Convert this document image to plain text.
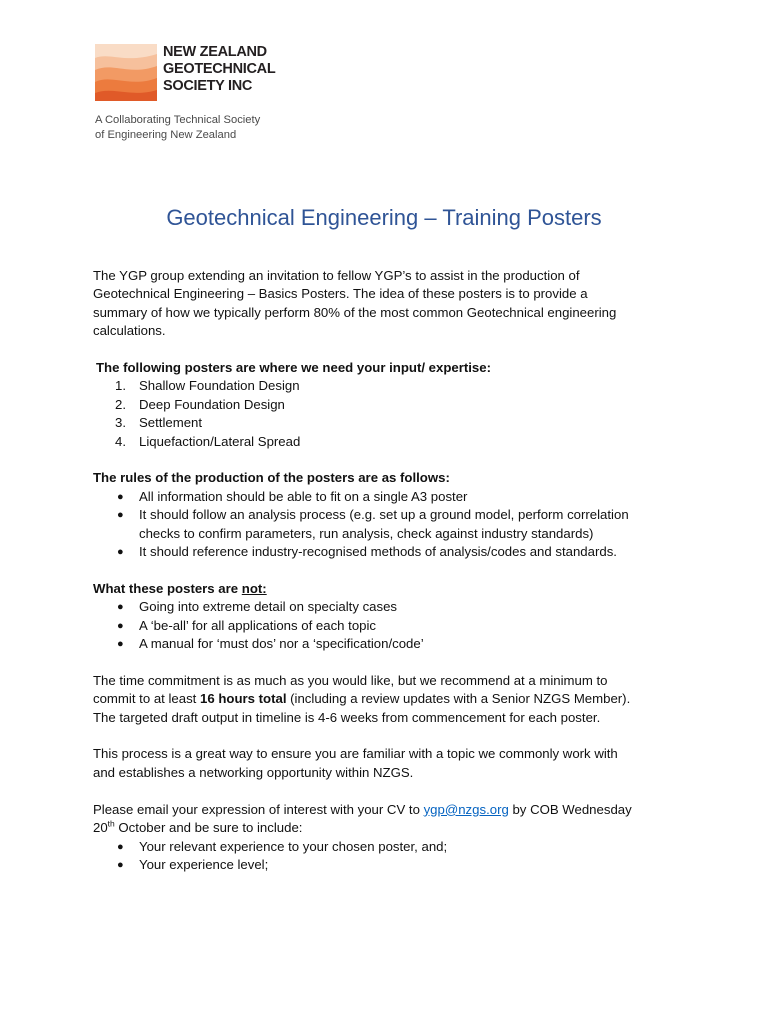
NEW ZEALAND
GEOTECHNICAL
SOCIETY INC
A Collaborating Technical Society
of Engineering New Zealand
Geotechnical Engineering – Training Posters

The YGP group extending an invitation to fellow YGP’s to assist in the production of
Geotechnical Engineering – Basics Posters. The idea of these posters is to provide a
summary of how we typically perform 80% of the most common Geotechnical engineering
calculations.

The following posters are where we need your input/ expertise:

1. Shallow Foundation Design
2. Deep Foundation Design
3. Settlement
4. Liquefaction/Lateral Spread

The rules of the production of the posters are as follows:

● All information should be able to fit on a single A3 poster
● It should follow an analysis process (e.g. set up a ground model, perform correlation
checks to confirm parameters, run analysis, check against industry standards)
● It should reference industry-recognised methods of analysis/codes and standards.

What these posters are not:

● Going into extreme detail on specialty cases
● A ‘be-all’ for all applications of each topic
● A manual for ‘must dos’ nor a ‘specification/code’

The time commitment is as much as you would like, but we recommend at a minimum to
commit to at least 16 hours total (including a review updates with a Senior NZGS Member).
The targeted draft output in timeline is 4-6 weeks from commencement for each poster.

This process is a great way to ensure you are familiar with a topic we commonly work with
and establishes a networking opportunity within NZGS.

Please email your expression of interest with your CV to ygp@nzgs.org by COB Wednesday
20th October and be sure to include:

● Your relevant experience to your chosen poster, and;
● Your experience level;
